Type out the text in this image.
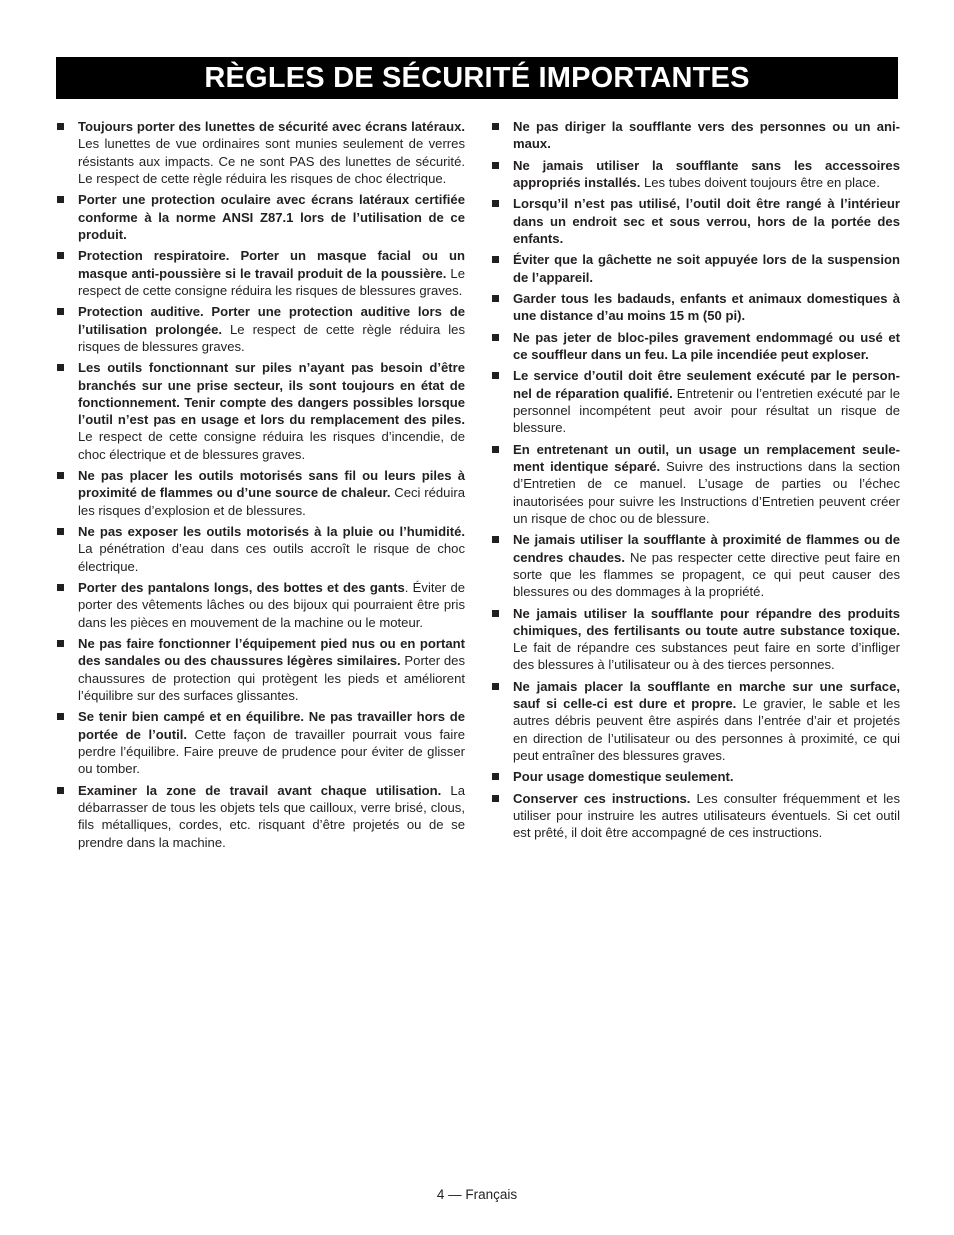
RÈGLES DE SÉCURITÉ IMPORTANTES
Toujours porter des lunettes de sécurité avec écrans latéraux. Les lunettes de vue ordinaires sont munies seulement de verres résistants aux impacts. Ce ne sont PAS des lunettes de sécurité. Le respect de cette règle réduira les risques de choc électrique.
Porter une protection oculaire avec écrans latéraux certifiée conforme à la norme ANSI Z87.1 lors de l’utilisation de ce produit.
Protection respiratoire. Porter un masque facial ou un masque anti-poussière si le travail produit de la poussière. Le respect de cette consigne réduira les risques de blessures graves.
Protection auditive. Porter une protection auditive lors de l’utilisation prolongée. Le respect de cette règle réduira les risques de blessures graves.
Les outils fonctionnant sur piles n’ayant pas besoin d’être branchés sur une prise secteur, ils sont toujours en état de fonctionnement. Tenir compte des dangers possibles lorsque l’outil n’est pas en usage et lors du remplacement des piles. Le respect de cette consigne réduira les risques d’incendie, de choc électrique et de blessures graves.
Ne pas placer les outils motorisés sans fil ou leurs piles à proximité de flammes ou d’une source de chaleur. Ceci réduira les risques d’explosion et de blessures.
Ne pas exposer les outils motorisés à la pluie ou l’humidité. La pénétration d’eau dans ces outils accroît le risque de choc électrique.
Porter des pantalons longs, des bottes et des gants. Éviter de porter des vêtements lâches ou des bijoux qui pourraient être pris dans les pièces en mouvement de la machine ou le moteur.
Ne pas faire fonctionner l’équipement pied nus ou en portant des sandales ou des chaussures légères similaires. Porter des chaussures de protection qui protègent les pieds et améliorent l’équilibre sur des surfaces glissantes.
Se tenir bien campé et en équilibre. Ne pas travailler hors de portée de l’outil. Cette façon de travailler pourrait vous faire perdre l’équilibre. Faire preuve de prudence pour éviter de glisser ou tomber.
Examiner la zone de travail avant chaque utilisation. La débarrasser de tous les objets tels que cailloux, verre brisé, clous, fils métalliques, cordes, etc. risquant d’être projetés ou de se prendre dans la machine.
Ne pas diriger la soufflante vers des personnes ou un animaux.
Ne jamais utiliser la soufflante sans les accessoires appropriés installés. Les tubes doivent toujours être en place.
Lorsqu’il n’est pas utilisé, l’outil doit être rangé à l’intérieur dans un endroit sec et sous verrou, hors de la portée des enfants.
Éviter que la gâchette ne soit appuyée lors de la suspension de l’appareil.
Garder tous les badauds, enfants et animaux domestiques à une distance d’au moins 15 m (50 pi).
Ne pas jeter de bloc-piles gravement endommagé ou usé et ce souffleur dans un feu. La pile incendiée peut exploser.
Le service d’outil doit être seulement exécuté par le personnel de réparation qualifié. Entretenir ou l’entretien exécuté par le personnel incompétent peut avoir pour résultat un risque de blessure.
En entretenant un outil, un usage un remplacement seulement identique séparé. Suivre des instructions dans la section d’Entretien de ce manuel. L’usage de parties ou l’échec inautorisées pour suivre les Instructions d’Entretien peuvent créer un risque de choc ou de blessure.
Ne jamais utiliser la soufflante à proximité de flammes ou de cendres chaudes. Ne pas respecter cette directive peut faire en sorte que les flammes se propagent, ce qui peut causer des blessures ou des dommages à la propriété.
Ne jamais utiliser la soufflante pour répandre des produits chimiques, des fertilisants ou toute autre substance toxique. Le fait de répandre ces substances peut faire en sorte d’infliger des blessures à l’utilisateur ou à des tierces personnes.
Ne jamais placer la soufflante en marche sur une surface, sauf si celle-ci est dure et propre. Le gravier, le sable et les autres débris peuvent être aspirés dans l’entrée d’air et projetés en direction de l’utilisateur ou des personnes à proximité, ce qui peut entraîner des blessures graves.
Pour usage domestique seulement.
Conserver ces instructions. Les consulter fréquemment et les utiliser pour instruire les autres utilisateurs éventuels. Si cet outil est prêté, il doit être accompagné de ces instructions.
4 — Français
